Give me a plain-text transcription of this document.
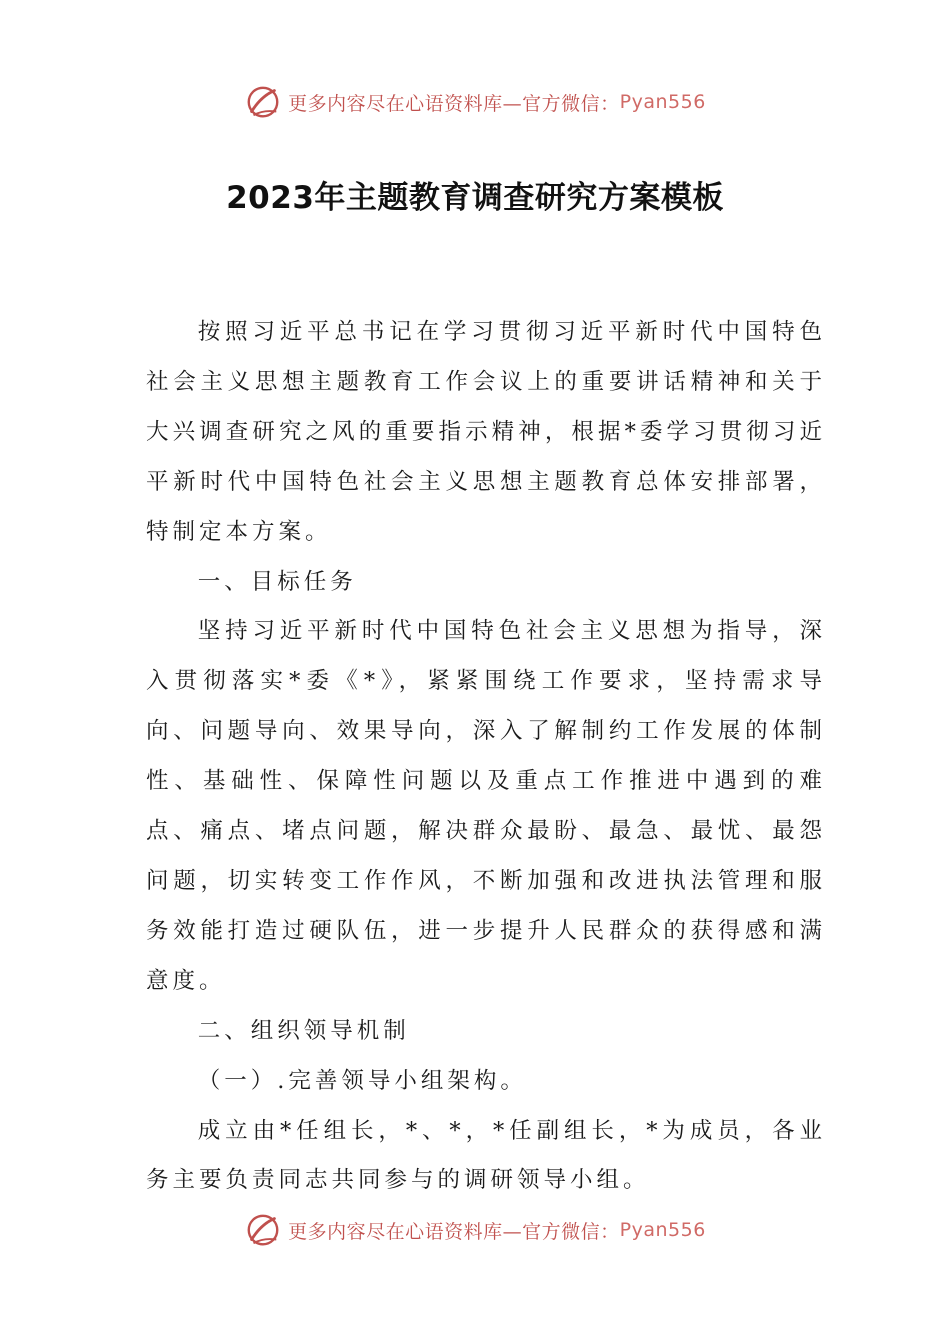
更多内容尽在心语资料库—官方微信： Pyan556
2023年主题教育调查研究方案模板

按照习近平总书记在学习贯彻习近平新时代中国特色社会主义思想主题教育工作会议上的重要讲话精神和关于大兴调查研究之风的重要指示精神，根据*委学习贯彻习近平新时代中国特色社会主义思想主题教育总体安排部署，特制定本方案。

一、目标任务

坚持习近平新时代中国特色社会主义思想为指导，深入贯彻落实*委《*》，紧紧围绕工作要求，坚持需求导向、问题导向、效果导向，深入了解制约工作发展的体制性、基础性、保障性问题以及重点工作推进中遇到的难点、痛点、堵点问题，解决群众最盼、最急、最忧、最怨问题，切实转变工作作风，不断加强和改进执法管理和服务效能打造过硬队伍，进一步提升人民群众的获得感和满意度。

二、组织领导机制

（一）.完善领导小组架构。

成立由*任组长，*、*，*任副组长，*为成员，各业务主要负责同志共同参与的调研领导小组。

更多内容尽在心语资料库—官方微信： Pyan556
